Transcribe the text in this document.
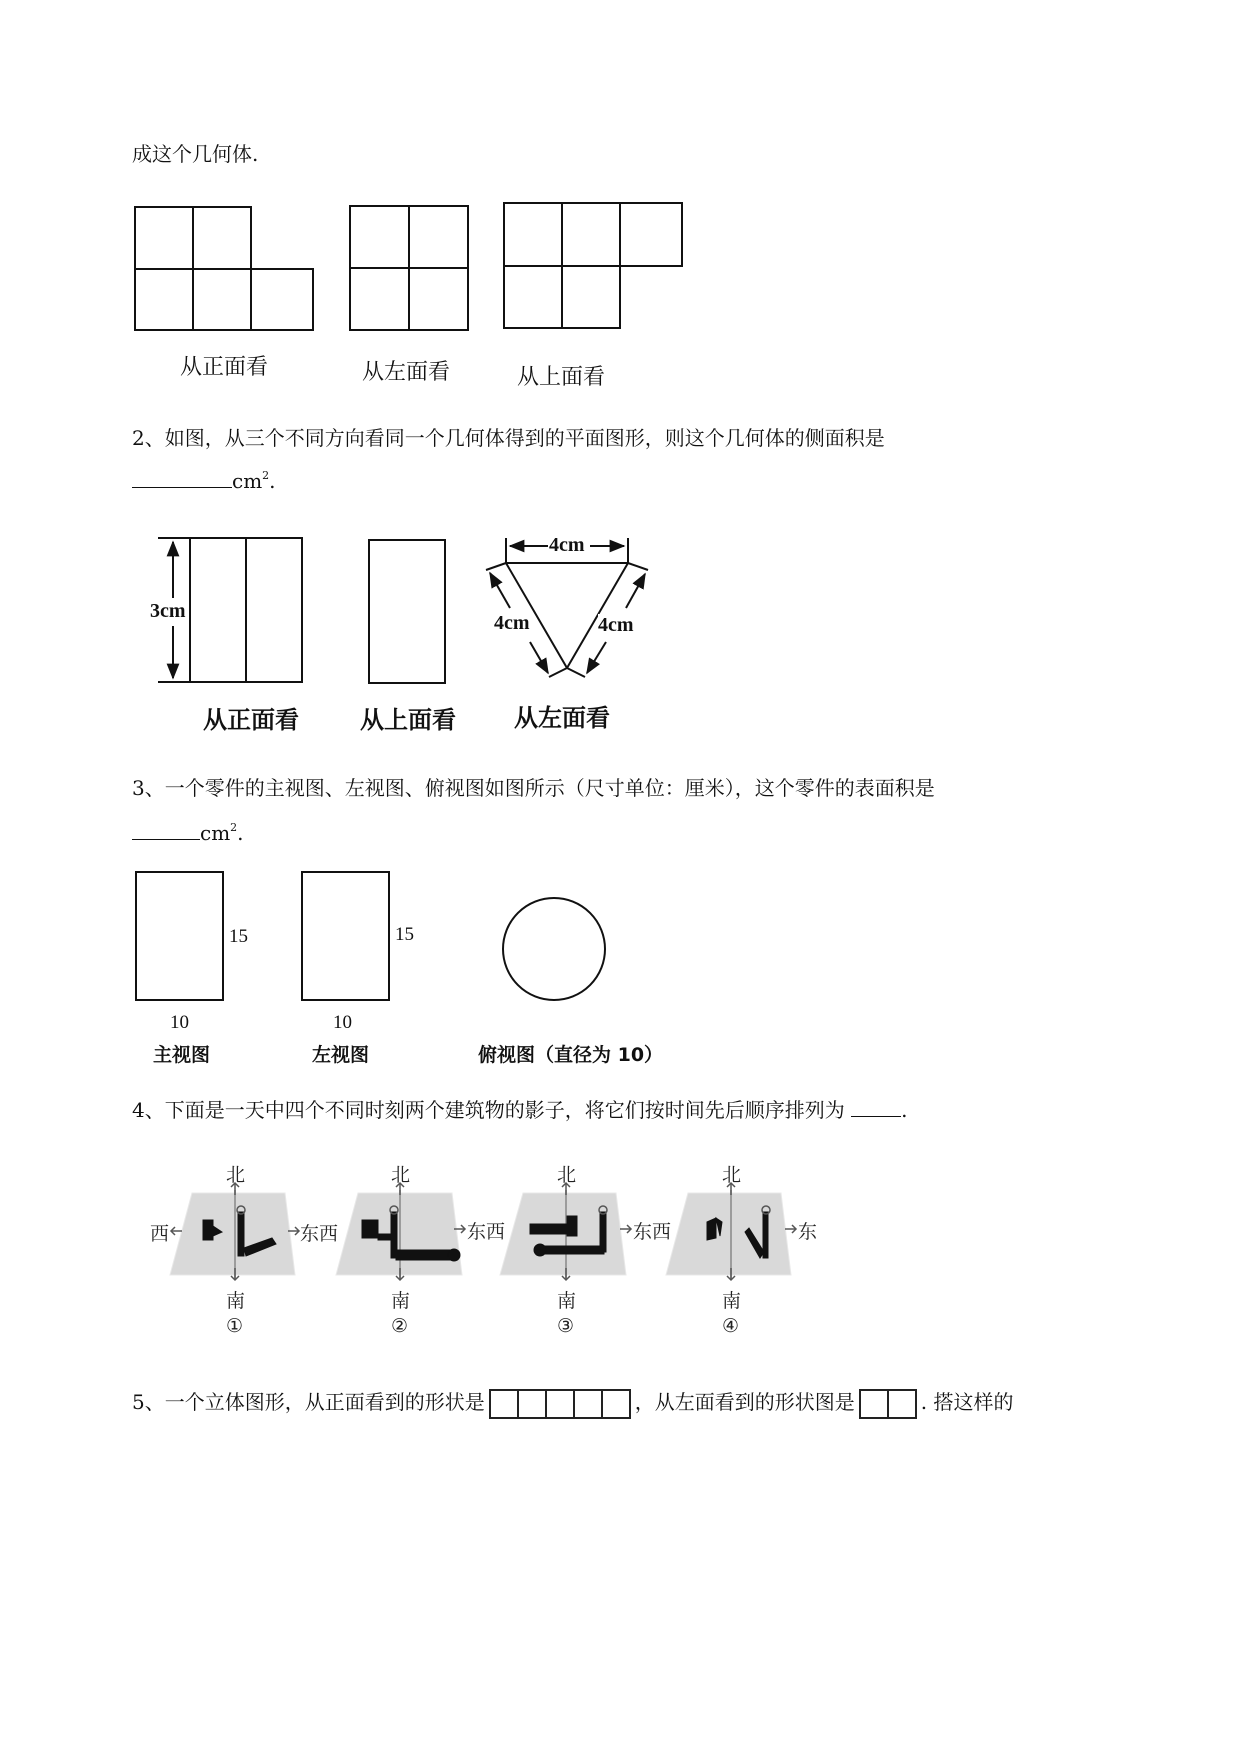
成这个几何体.
从正面看	从左面看	从上面看
2、如图，从三个不同方向看同一个几何体得到的平面图形，则这个几何体的侧面积是
$cm^2$.
3cm
4cm
4cm	4cm
从正面看	从上面看 从左面看
3、一个零件的主视图、左视图、俯视图如图所示（尺寸单位：厘米），这个零件的表面积是
$cm^2$.
15	15
10	10
主视图	左视图	俯视图（直径为 10）
4、下面是一天中四个不同时刻两个建筑物的影子，将它们按时间先后顺序排列为	.
北	北	北	北
西	东 西	东 西	东 西	东
南	南	南	南
①	②	③	④
5、一个立体图形，从正面看到的形状是	，从左面看到的形状图是	. 搭这样的
